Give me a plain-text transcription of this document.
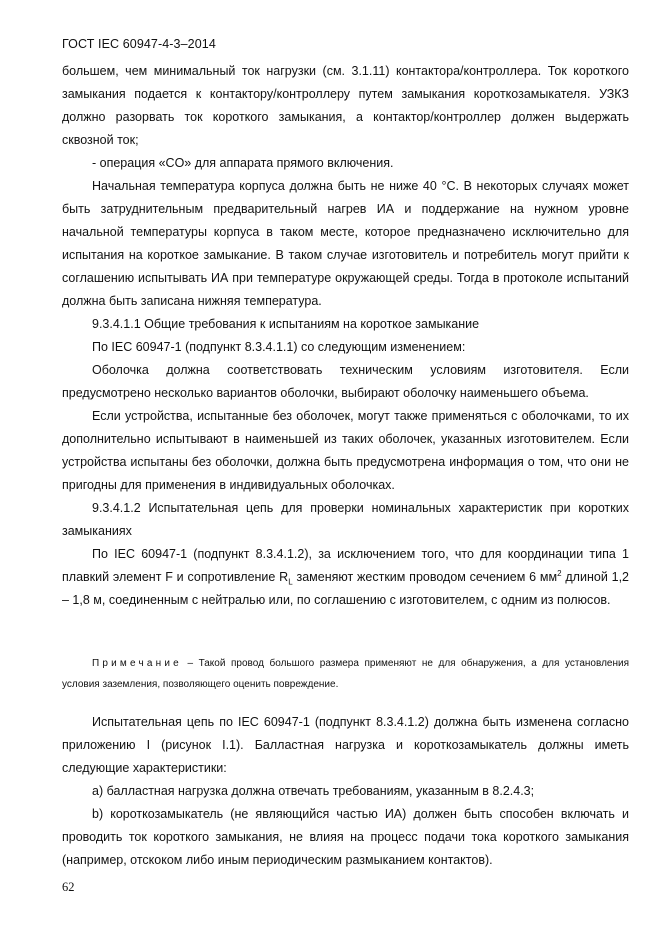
ГОСТ IEC 60947-4-3–2014

большем, чем минимальный ток нагрузки (см. 3.1.11) контактора/контроллера. Ток короткого замыкания подается к контактору/контроллеру путем замыкания короткозамыкателя. УЗКЗ должно разорвать ток короткого замыкания, а контактор/контроллер должен выдержать сквозной ток;

- операция «CO» для аппарата прямого включения.

Начальная температура корпуса должна быть не ниже 40 °С. В некоторых случаях может быть затруднительным предварительный нагрев ИА и поддержание на нужном уровне начальной температуры корпуса в таком месте, которое предназначено исключительно для испытания на короткое замыкание. В таком случае изготовитель и потребитель могут прийти к соглашению испытывать ИА при температуре окружающей среды. Тогда в протоколе испытаний должна быть записана нижняя температура.

9.3.4.1.1 Общие требования к испытаниям на короткое замыкание

По IEC 60947-1 (подпункт 8.3.4.1.1) со следующим изменением:

Оболочка должна соответствовать техническим условиям изготовителя. Если предусмотрено несколько вариантов оболочки, выбирают оболочку наименьшего объема.

Если устройства, испытанные без оболочек, могут также применяться с оболочками, то их дополнительно испытывают в наименьшей из таких оболочек, указанных изготовителем. Если устройства испытаны без оболочки, должна быть предусмотрена информация о том, что они не пригодны для применения в индивидуальных оболочках.

9.3.4.1.2 Испытательная цепь для проверки номинальных характеристик при коротких замыканиях

По IEC 60947-1 (подпункт 8.3.4.1.2), за исключением того, что для координации типа 1 плавкий элемент F и сопротивление $R_L$ заменяют жестким проводом сечением 6 $мм^2$ длиной 1,2 – 1,8 м, соединенным с нейтралью или, по соглашению с изготовителем, с одним из полюсов.

Примечание – Такой провод большого размера применяют не для обнаружения, а для установления условия заземления, позволяющего оценить повреждение.

Испытательная цепь по IEC 60947-1 (подпункт 8.3.4.1.2) должна быть изменена согласно приложению I (рисунок I.1). Балластная нагрузка и короткозамыкатель должны иметь следующие характеристики:

a) балластная нагрузка должна отвечать требованиям, указанным в 8.2.4.3;

b) короткозамыкатель (не являющийся частью ИА) должен быть способен включать и проводить ток короткого замыкания, не влияя на процесс подачи тока короткого замыкания (например, отскоком либо иным периодическим размыканием контактов).

62
